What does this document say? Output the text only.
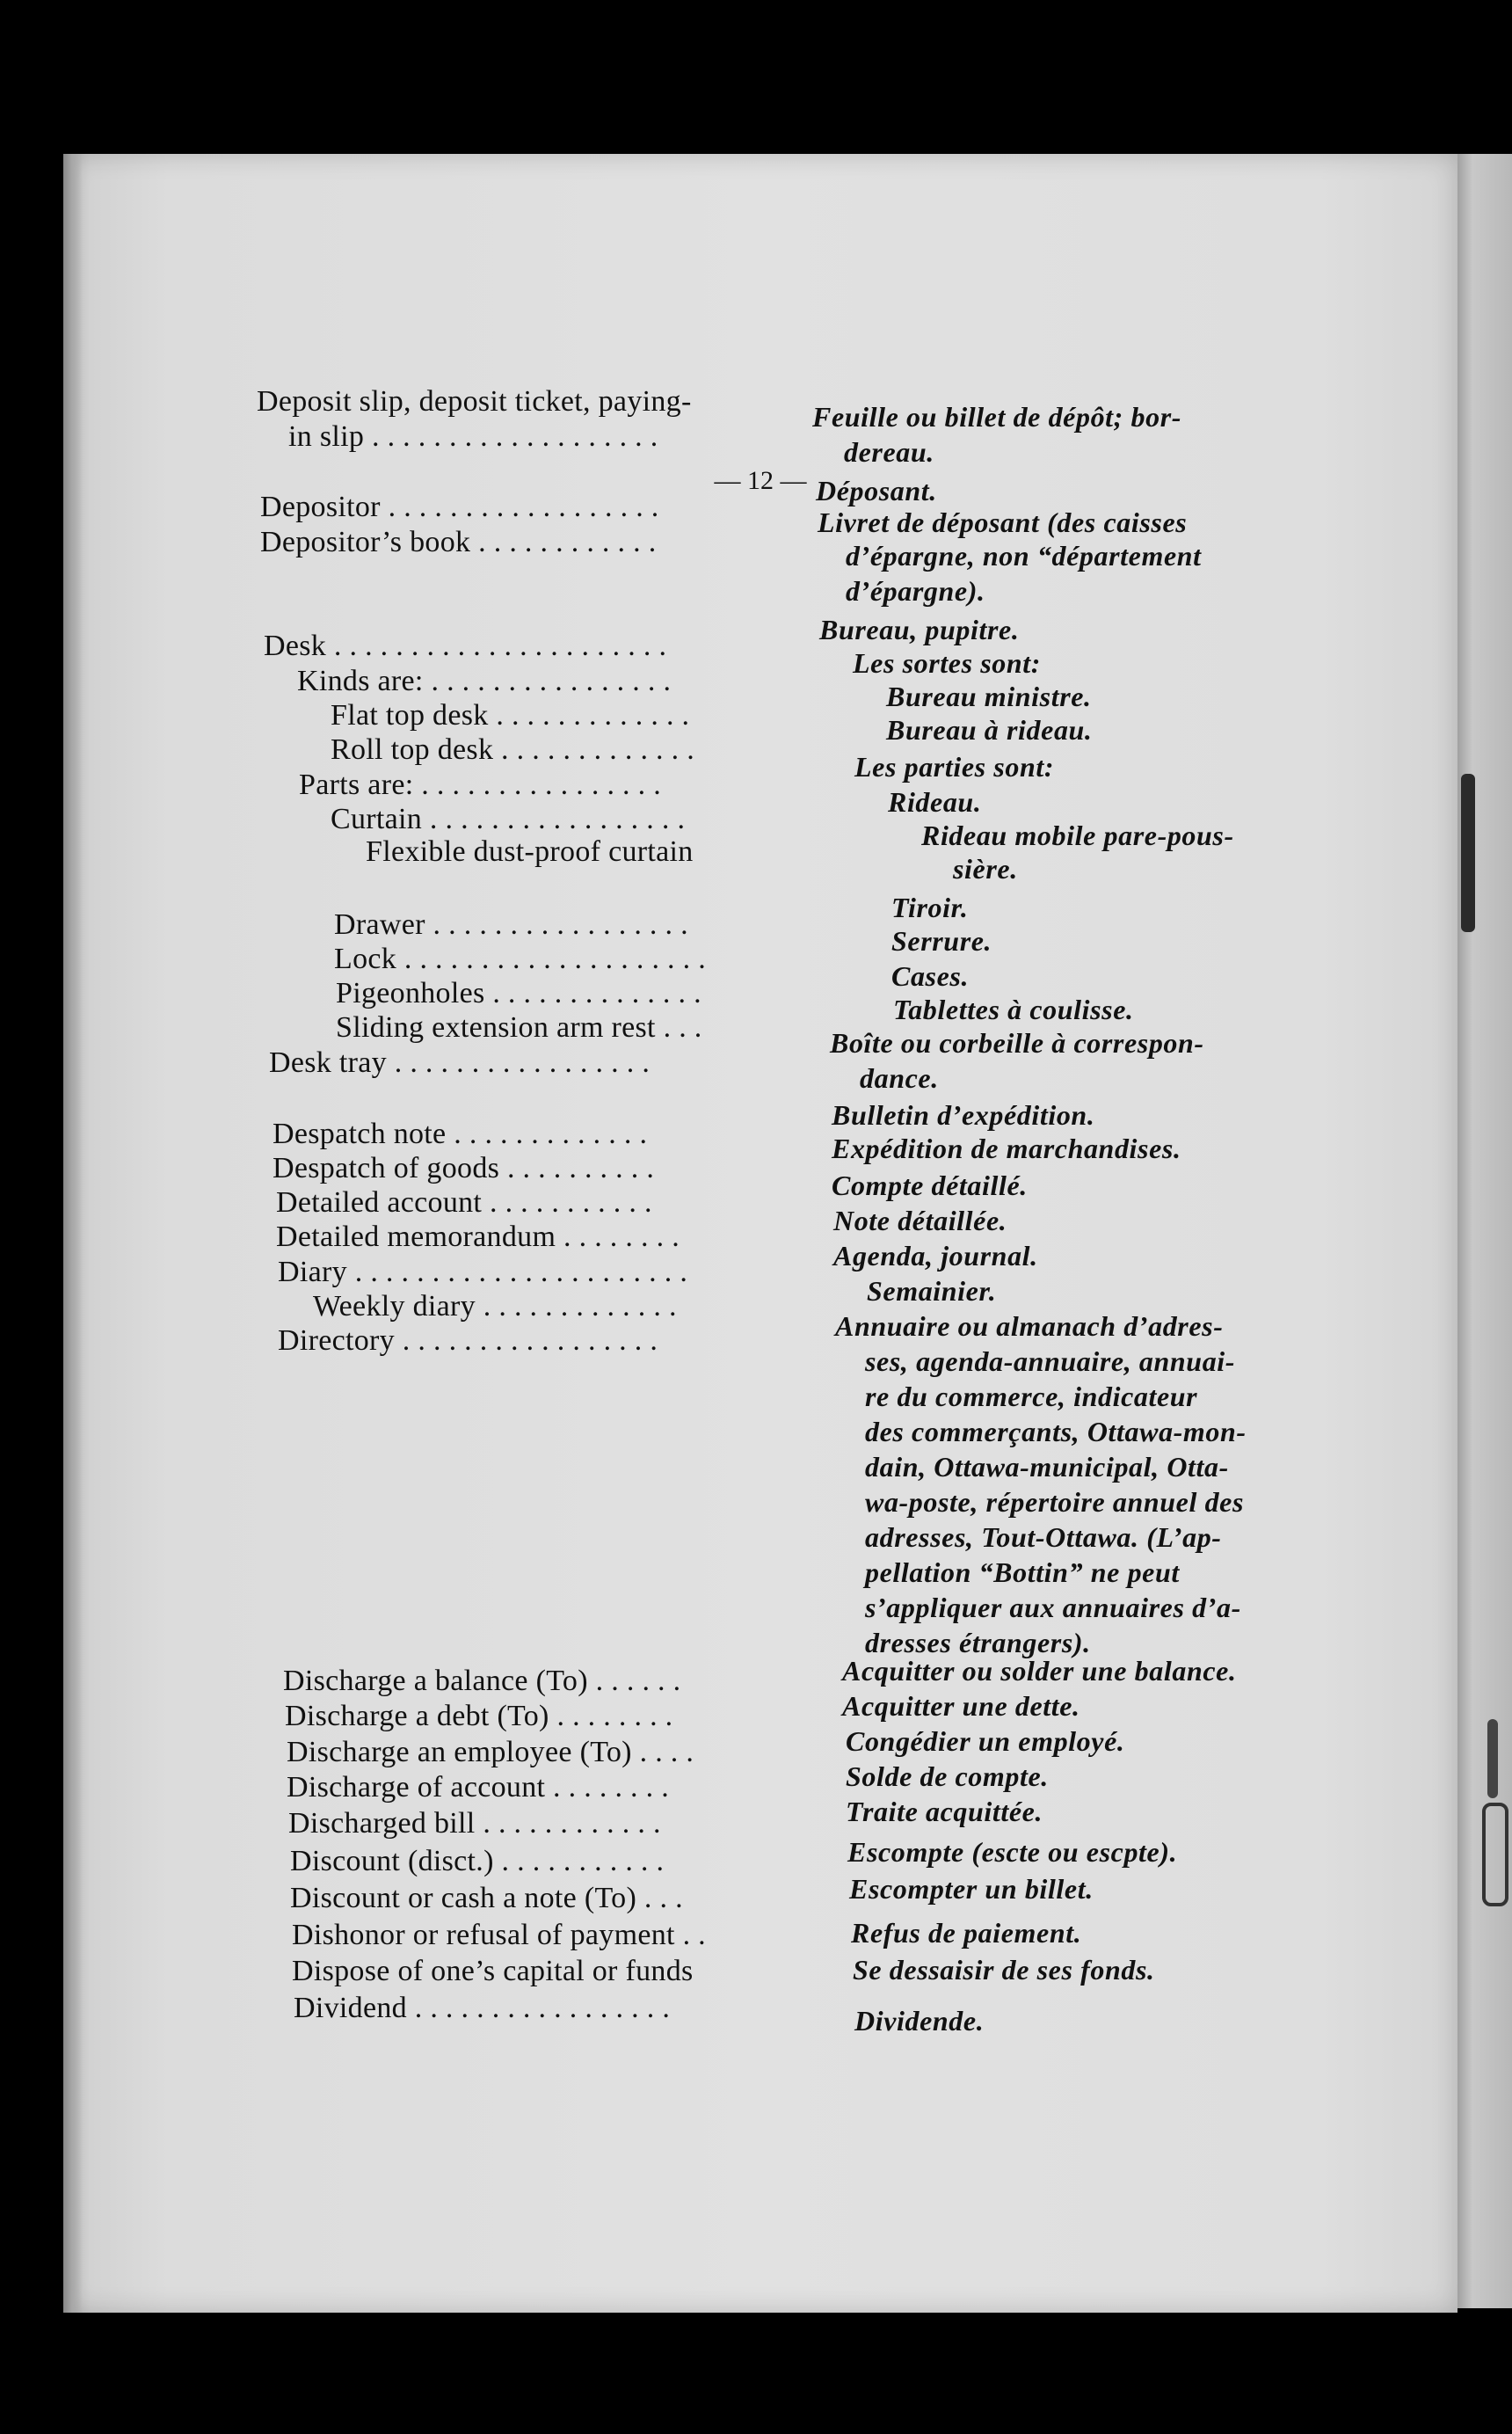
— 12 —
Deposit slip, deposit ticket, paying-
in slip . . . . . . . . . . . . . . . . . . .
Depositor . . . . . . . . . . . . . . . . . .
Depositor’s book . . . . . . . . . . . .
Desk . . . . . . . . . . . . . . . . . . . . . .
Kinds are: . . . . . . . . . . . . . . . .
Flat top desk . . . . . . . . . . . . .
Roll top desk . . . . . . . . . . . . .
Parts are: . . . . . . . . . . . . . . . .
Curtain . . . . . . . . . . . . . . . . .
Flexible dust-proof curtain
Drawer . . . . . . . . . . . . . . . . .
Lock . . . . . . . . . . . . . . . . . . . .
Pigeonholes . . . . . . . . . . . . . .
Sliding extension arm rest . . .
Desk tray . . . . . . . . . . . . . . . . .
Despatch note . . . . . . . . . . . . .
Despatch of goods . . . . . . . . . .
Detailed account . . . . . . . . . . .
Detailed memorandum . . . . . . . .
Diary . . . . . . . . . . . . . . . . . . . . . .
Weekly diary . . . . . . . . . . . . .
Directory . . . . . . . . . . . . . . . . .
Discharge a balance (To) . . . . . .
Discharge a debt (To) . . . . . . . .
Discharge an employee (To) . . . .
Discharge of account . . . . . . . .
Discharged bill . . . . . . . . . . . .
Discount (disct.) . . . . . . . . . . .
Discount or cash a note (To) . . .
Dishonor or refusal of payment . .
Dispose of one’s capital or funds
Dividend . . . . . . . . . . . . . . . . .
Feuille ou billet de dépôt; bor-
dereau.
Déposant.
Livret de déposant (des caisses
d’épargne, non “département
d’épargne).
Bureau, pupitre.
Les sortes sont:
Bureau ministre.
Bureau à rideau.
Les parties sont:
Rideau.
Rideau mobile pare-pous-
sière.
Tiroir.
Serrure.
Cases.
Tablettes à coulisse.
Boîte ou corbeille à correspon-
dance.
Bulletin d’expédition.
Expédition de marchandises.
Compte détaillé.
Note détaillée.
Agenda, journal.
Semainier.
Annuaire ou almanach d’adres-
ses, agenda-annuaire, annuai-
re du commerce, indicateur
des commerçants, Ottawa-mon-
dain, Ottawa-municipal, Otta-
wa-poste, répertoire annuel des
adresses, Tout-Ottawa. (L’ap-
pellation “Bottin” ne peut
s’appliquer aux annuaires d’a-
dresses étrangers).
Acquitter ou solder une balance.
Acquitter une dette.
Congédier un employé.
Solde de compte.
Traite acquittée.
Escompte (escte ou escpte).
Escompter un billet.
Refus de paiement.
Se dessaisir de ses fonds.
Dividende.
